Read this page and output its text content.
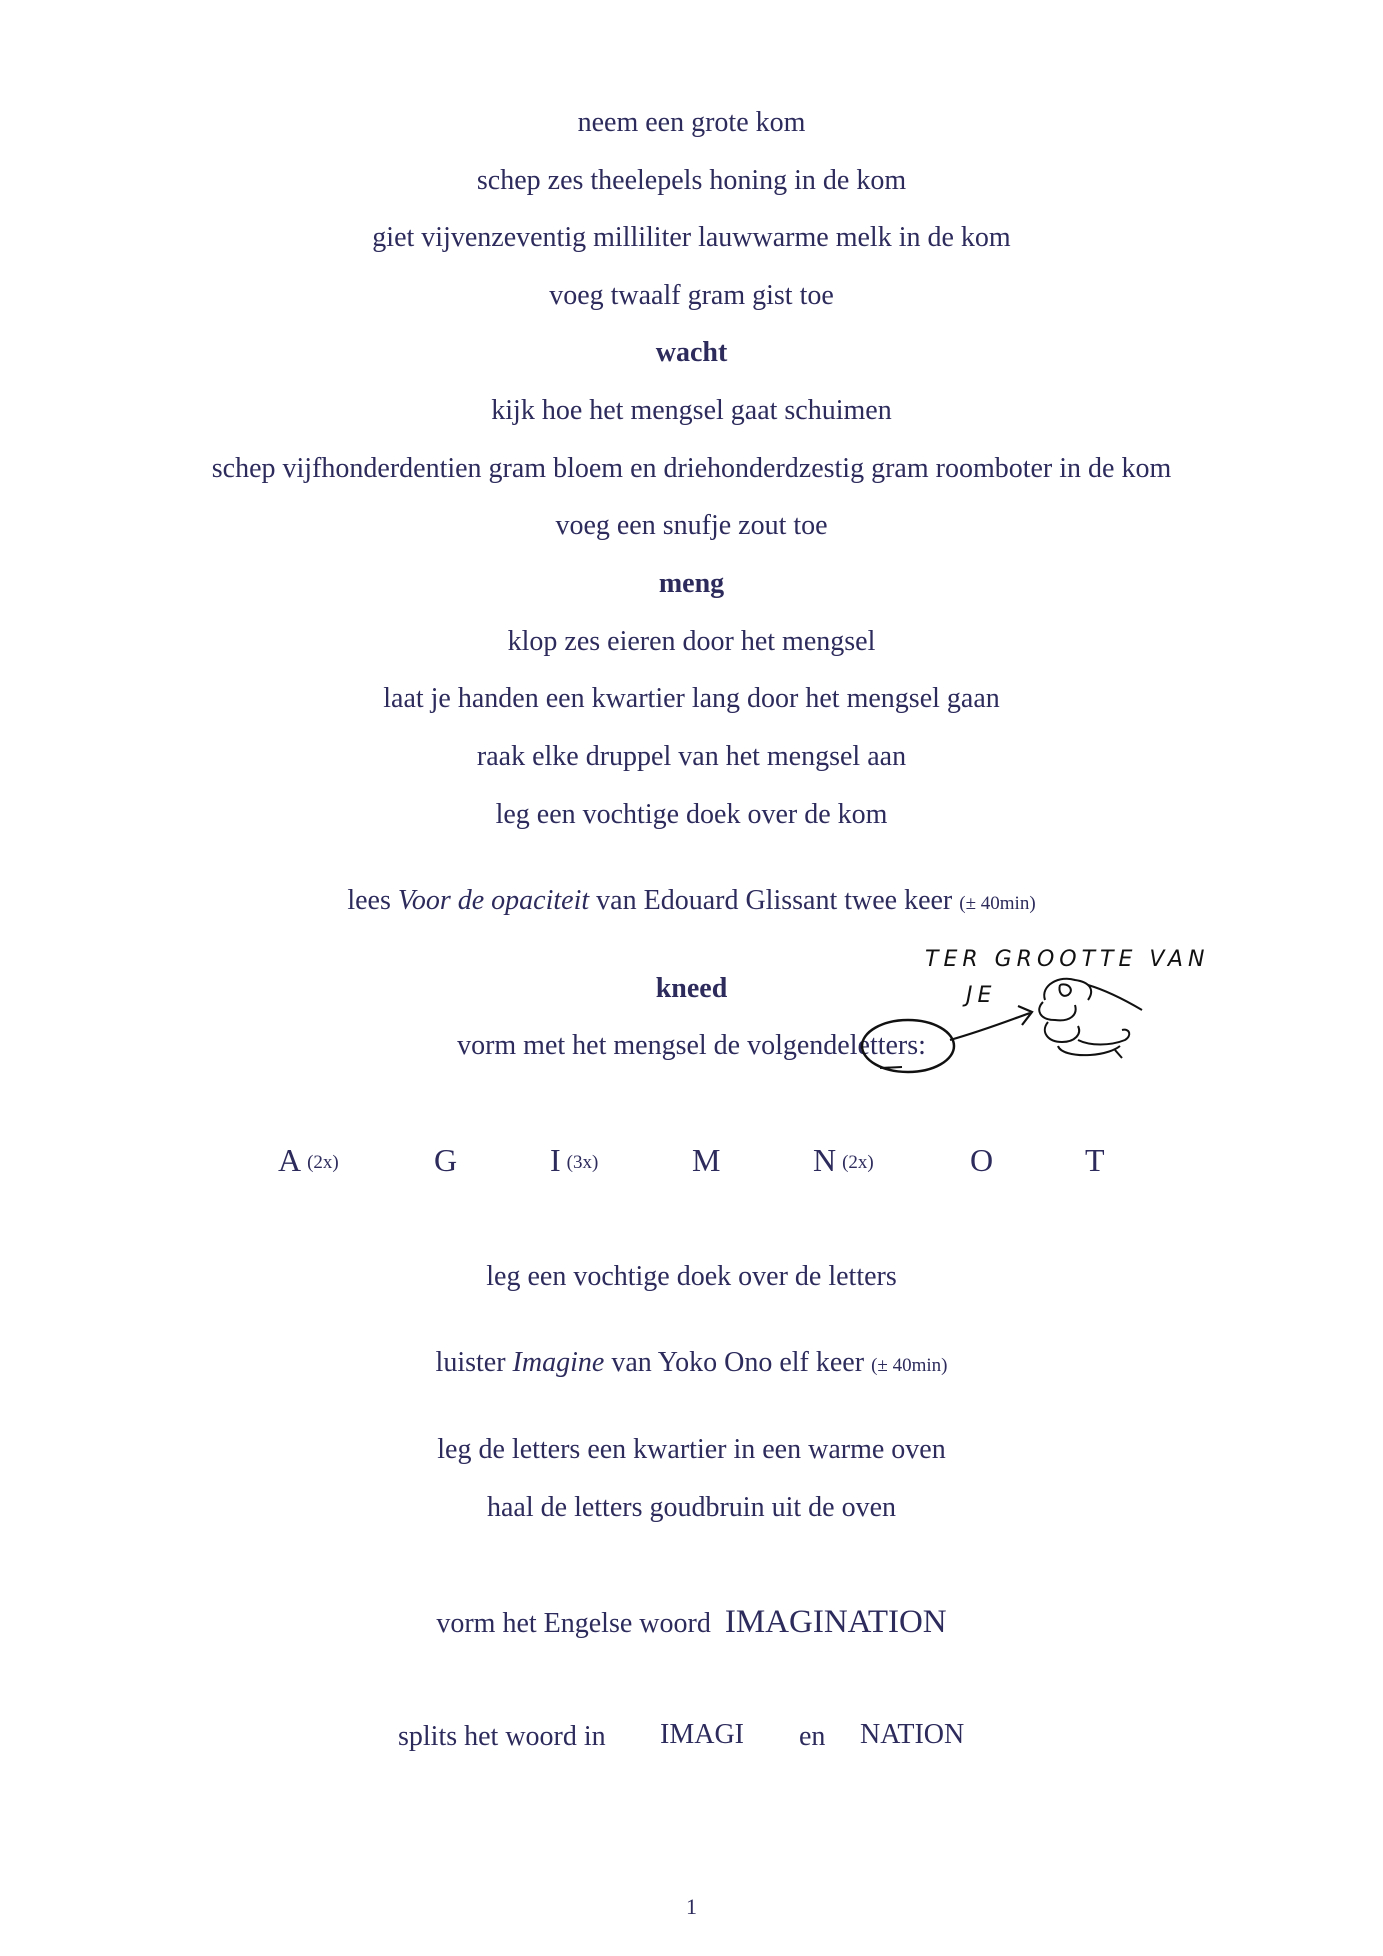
neem een grote kom
schep zes theelepels honing in de kom
giet vijvenzeventig milliliter lauwwarme melk in de kom
voeg twaalf gram gist toe
wacht
kijk hoe het mengsel gaat schuimen
schep vijfhonderdentien gram bloem en driehonderdzestig gram roomboter in de kom
voeg een snufje zout toe
meng
klop zes eieren door het mengsel
laat je handen een kwartier lang door het mengsel gaan
raak elke druppel van het mengsel aan
leg een vochtige doek over de kom
lees Voor de opaciteit van Edouard Glissant twee keer (± 40min)
kneed
vorm met het mengsel de volgendeletters:
A (2x)	G	I (3x)	M	N (2x)	O	T
leg een vochtige doek over de letters
luister Imagine van Yoko Ono elf keer (± 40min)
leg de letters een kwartier in een warme oven
haal de letters goudbruin uit de oven
vorm het Engelse woord IMAGINATION
splits het woord in IMAGI en NATION
1
TER GROOTTE VAN
JE
